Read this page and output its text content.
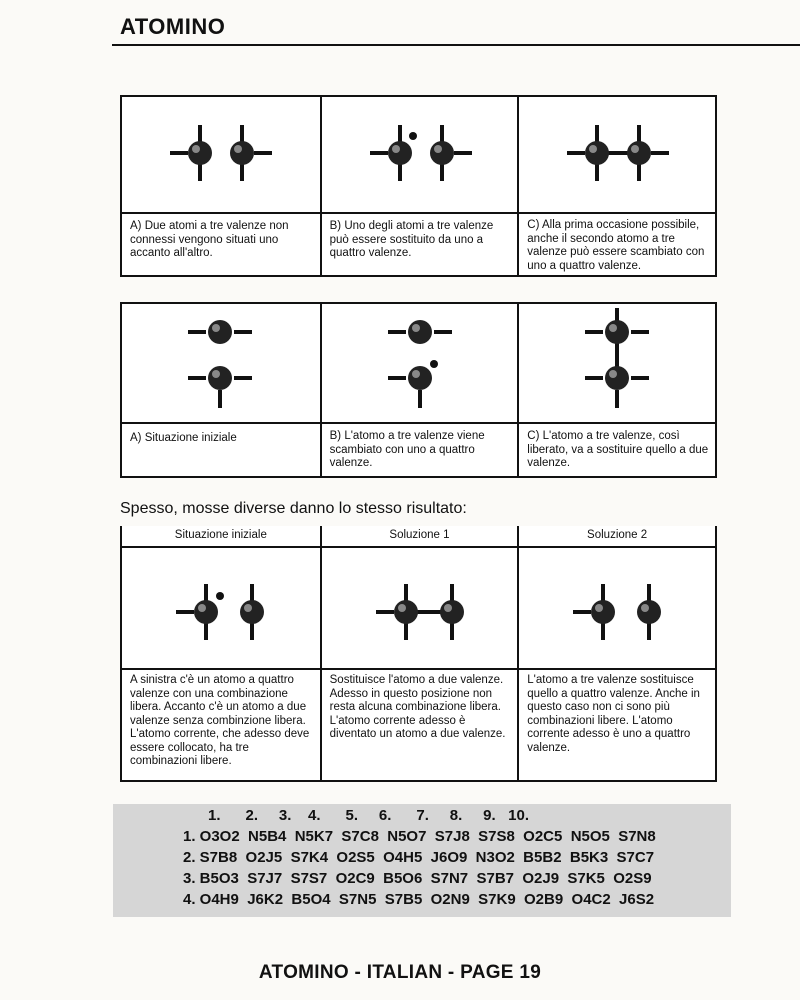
ATOMINO
A) Due atomi a tre valenze non connessi vengono situati uno accanto all'altro.
B) Uno degli atomi a tre valenze può essere sostituito da uno a quattro valenze.
C) Alla prima occasione possibile, anche il secondo atomo a tre valenze può essere scambiato con uno a quattro valenze.
A) Situazione iniziale	B) L'atomo a tre valenze viene scambiato con uno a quattro valenze.
C) L'atomo a tre valenze, così liberato, va a sostituire quello a due valenze.
Spesso, mosse diverse danno lo stesso risultato:
Situazione iniziale
A sinistra c'è un atomo a quattro valenze con una combinazione libera. Accanto c'è un atomo a due valenze senza combinzione libera. L'atomo corrente, che adesso deve essere collocato, ha tre combinazioni libere.
Soluzione 1
Sostituisce l'atomo a due valenze. Adesso in questo posizione non resta alcuna combinazione libera. L'atomo corrente adesso è diventato un atomo a due valenze.
Soluzione 2
L'atomo a tre valenze sostituisce quello a quattro valenze. Anche in questo caso non ci sono più combinazioni libere. L'atomo corrente adesso è uno a quattro valenze.
1.      2.     3.    4.      5.     6.      7.     8.     9.   10.
1. O3O2  N5B4  N5K7  S7C8  N5O7  S7J8  S7S8  O2C5  N5O5  S7N8
2. S7B8  O2J5  S7K4  O2S5  O4H5  J6O9  N3O2  B5B2  B5K3  S7C7
3. B5O3  S7J7  S7S7  O2C9  B5O6  S7N7  S7B7  O2J9  S7K5  O2S9
4. O4H9  J6K2  B5O4  S7N5  S7B5  O2N9  S7K9  O2B9  O4C2  J6S2
ATOMINO - ITALIAN - PAGE 19
